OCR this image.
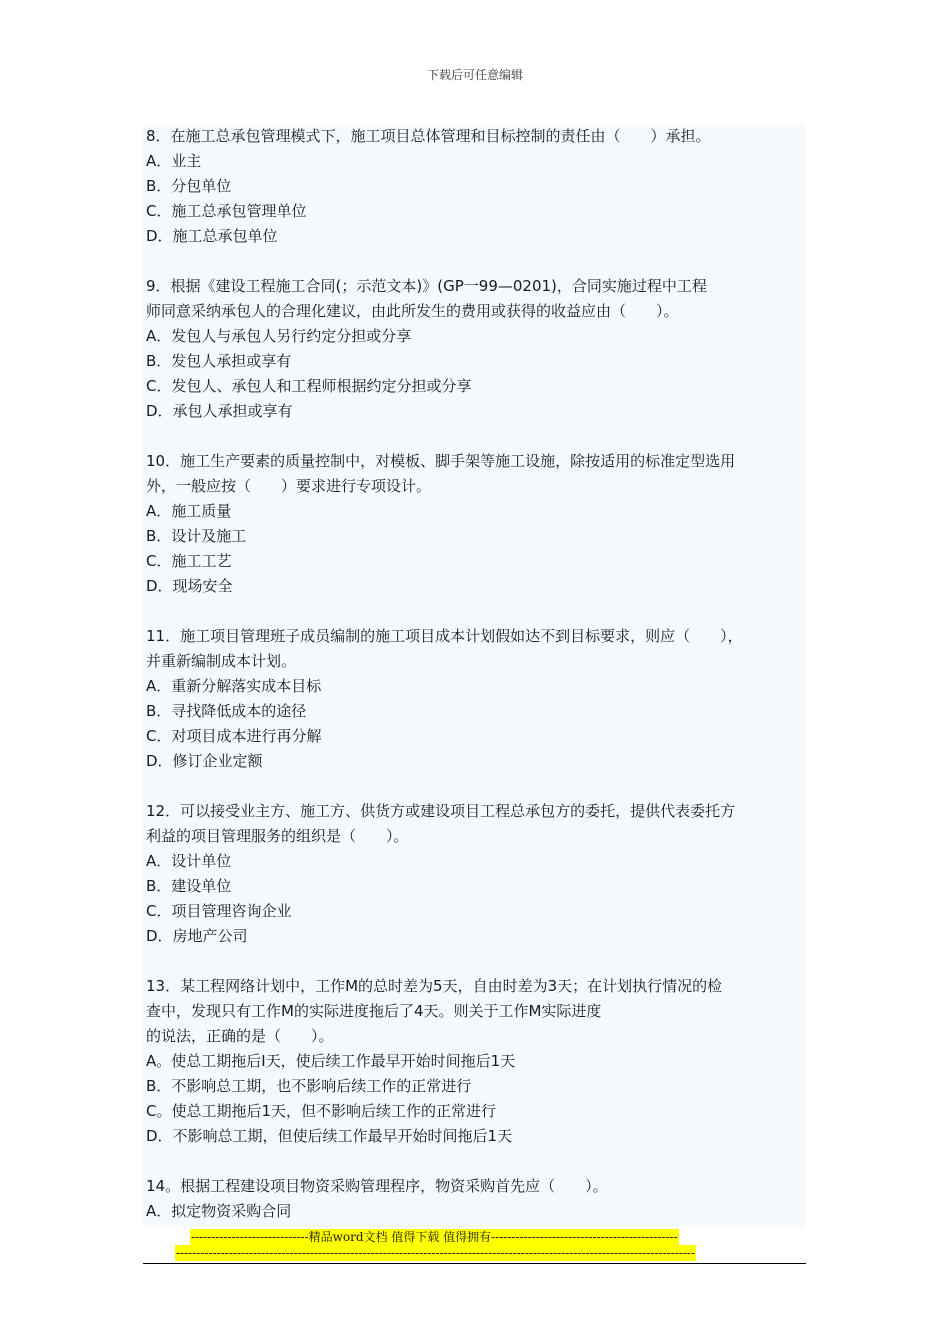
下载后可任意编辑
8．在施工总承包管理模式下，施工项目总体管理和目标控制的责任由（　　）承担。
A．业主
B．分包单位
C．施工总承包管理单位
D．施工总承包单位
9．根据《建设工程施工合同(；示范文本)》(GP一99—0201)，合同实施过程中工程
师同意采纳承包人的合理化建议，由此所发生的费用或获得的收益应由（　　）。
A．发包人与承包人另行约定分担或分享
B．发包人承担或享有
C．发包人、承包人和工程师根据约定分担或分享
D．承包人承担或享有
10．施工生产要素的质量控制中，对模板、脚手架等施工设施，除按适用的标准定型选用
外，一般应按（　　）要求进行专项设计。
A．施工质量
B．设计及施工
C．施工工艺
D．现场安全
11．施工项目管理班子成员编制的施工项目成本计划假如达不到目标要求，则应（　　），
并重新编制成本计划。
A．重新分解落实成本目标
B．寻找降低成本的途径
C．对项目成本进行再分解
D．修订企业定额
12．可以接受业主方、施工方、供货方或建设项目工程总承包方的委托，提供代表委托方
利益的项目管理服务的组织是（　　）。
A．设计单位
B．建设单位
C．项目管理咨询企业
D．房地产公司
13．某工程网络计划中，工作M的总时差为5天，自由时差为3天；在计划执行情况的检
查中，发现只有工作M的实际进度拖后了4天。则关于工作M实际进度
的说法，正确的是（　　）。
A。使总工期拖后I天，使后续工作最早开始时间拖后1天
B．不影响总工期，也不影响后续工作的正常进行
C。使总工期拖后1天，但不影响后续工作的正常进行
D．不影响总工期，但使后续工作最早开始时间拖后1天
14。根据工程建设项目物资采购管理程序，物资采购首先应（　　）。
A．拟定物资采购合同
-----------------------------精品word文档 值得下载 值得拥有----------------------------------------------
--------------------------------------------------------------------------------------------------------------------------------
